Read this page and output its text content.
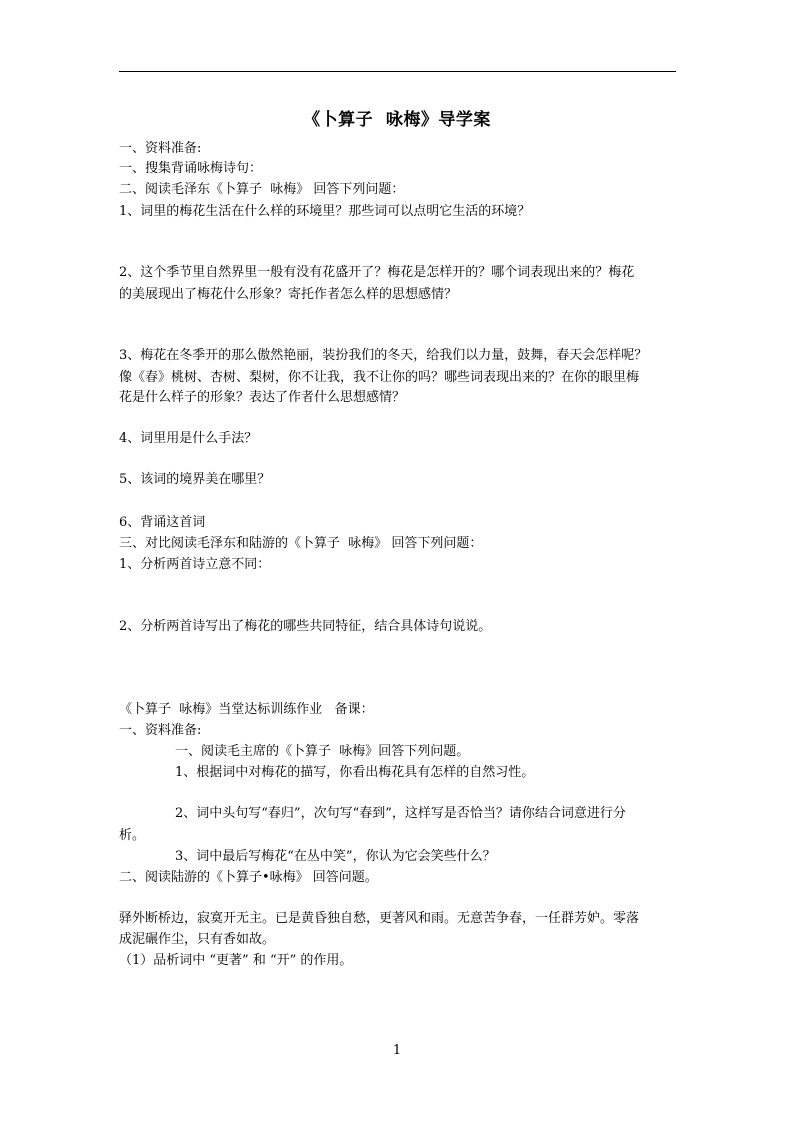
《卜算子  咏梅》导学案
一、资料准备:
一、搜集背诵咏梅诗句：
二、阅读毛泽东《卜算子  咏梅》 回答下列问题：
1、词里的梅花生活在什么样的环境里？那些词可以点明它生活的环境？
2、这个季节里自然界里一般有没有花盛开了？梅花是怎样开的？哪个词表现出来的？梅花
的美展现出了梅花什么形象？寄托作者怎么样的思想感情？
3、梅花在冬季开的那么傲然艳丽，装扮我们的冬天，给我们以力量，鼓舞，春天会怎样呢？
像《春》桃树、杏树、梨树，你不让我，我不让你的吗？哪些词表现出来的？在你的眼里梅
花是什么样子的形象？表达了作者什么思想感情？
4、词里用是什么手法？
5、该词的境界美在哪里？
6、背诵这首词
三、对比阅读毛泽东和陆游的《卜算子  咏梅》 回答下列问题：
1、分析两首诗立意不同：
2、分析两首诗写出了梅花的哪些共同特征，结合具体诗句说说。
《卜算子  咏梅》当堂达标训练作业   备课：
一、资料准备:
一、阅读毛主席的《卜算子  咏梅》回答下列问题。
1、根据词中对梅花的描写，你看出梅花具有怎样的自然习性。
2、词中头句写“春归”，次句写“春到”，这样写是否恰当？请你结合词意进行分
析。
3、词中最后写梅花“在丛中笑”，你认为它会笑些什么？
二、阅读陆游的《卜算子•咏梅》 回答问题。
驿外断桥边，寂寞开无主。已是黄昏独自愁，更著风和雨。无意苦争春，一任群芳妒。零落
成泥碾作尘，只有香如故。
（1）品析词中 “更著” 和 “开” 的作用。
1
